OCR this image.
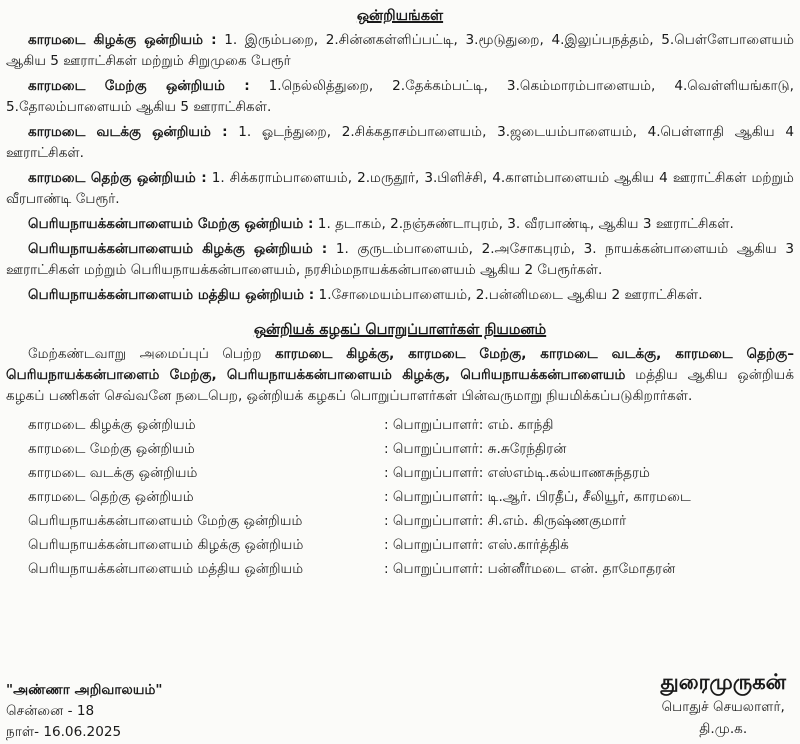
ஒன்றியங்கள்

காரமடை கிழக்கு ஒன்றியம் : 1. இரும்பறை, 2.சின்னகள்ளிப்பட்டி, 3.மூடுதுறை, 4.இலுப்பநத்தம், 5.பெள்ளேபாளையம் ஆகிய 5 ஊராட்சிகள் மற்றும் சிறுமுகை பேரூர்

காரமடை மேற்கு ஒன்றியம் : 1.நெல்லித்துறை, 2.தேக்கம்பட்டி, 3.கெம்மாரம்பாளையம், 4.வெள்ளியங்காடு, 5.தோலம்பாளையம் ஆகிய 5 ஊராட்சிகள்.

காரமடை வடக்கு ஒன்றியம் : 1. ஓடந்துறை, 2.சிக்கதாசம்பாளையம், 3.ஜடையம்பாளையம், 4.பெள்ளாதி ஆகிய 4 ஊராட்சிகள்.

காரமடை தெற்கு ஒன்றியம் : 1. சிக்கராம்பாளையம், 2.மருதூர், 3.பிளிச்சி, 4.காளம்பாளையம் ஆகிய 4 ஊராட்சிகள் மற்றும் வீரபாண்டி பேரூர்.

பெரியநாயக்கன்பாளையம் மேற்கு ஒன்றியம் : 1. தடாகம், 2.நஞ்சுண்டாபுரம், 3. வீரபாண்டி, ஆகிய 3 ஊராட்சிகள்.

பெரியநாயக்கன்பாளையம் கிழக்கு ஒன்றியம் : 1. குருடம்பாளையம், 2.அசோகபுரம், 3. நாயக்கன்பாளையம் ஆகிய 3 ஊராட்சிகள் மற்றும் பெரியநாயக்கன்பாளையம், நரசிம்மநாயக்கன்பாளையம் ஆகிய 2 பேரூர்கள்.

பெரியநாயக்கன்பாளையம் மத்திய ஒன்றியம் : 1.சோமையம்பாளையம், 2.பன்னிமடை ஆகிய 2 ஊராட்சிகள்.

ஒன்றியக் கழகப் பொறுப்பாளர்கள் நியமனம்

மேற்கண்டவாறு அமைப்புப் பெற்ற காரமடை கிழக்கு, காரமடை மேற்கு, காரமடை வடக்கு, காரமடை தெற்கு– பெரியநாயக்கன்பாளைம் மேற்கு, பெரியநாயக்கன்பாளையம் கிழக்கு, பெரியநாயக்கன்பாளையம் மத்திய ஆகிய ஒன்றியக் கழகப் பணிகள் செவ்வனே நடைபெற, ஒன்றியக் கழகப் பொறுப்பாளர்கள் பின்வருமாறு நியமிக்கப்படுகிறார்கள்.

காரமடை கிழக்கு ஒன்றியம்	: பொறுப்பாளர்: எம். காந்தி
காரமடை மேற்கு ஒன்றியம்	: பொறுப்பாளர்: சு.சுரேந்திரன்
காரமடை வடக்கு ஒன்றியம்	: பொறுப்பாளர்: எஸ்எம்டி.கல்யாணசுந்தரம்
காரமடை தெற்கு ஒன்றியம்	: பொறுப்பாளர்: டி.ஆர். பிரதீப், சீலியூர், காரமடை
பெரியநாயக்கன்பாளையம் மேற்கு ஒன்றியம்	: பொறுப்பாளர்: சி.எம். கிருஷ்ணகுமார்
பெரியநாயக்கன்பாளையம் கிழக்கு ஒன்றியம்	: பொறுப்பாளர்: எஸ்.கார்த்திக்
பெரியநாயக்கன்பாளையம் மத்திய ஒன்றியம்	: பொறுப்பாளர்: பன்னீர்மடை என். தாமோதரன்
"அண்ணா அறிவாலயம்"
சென்னை - 18
நாள்- 16.06.2025
துரைமுருகன்
பொதுச் செயலாளர்,
தி.மு.க.
